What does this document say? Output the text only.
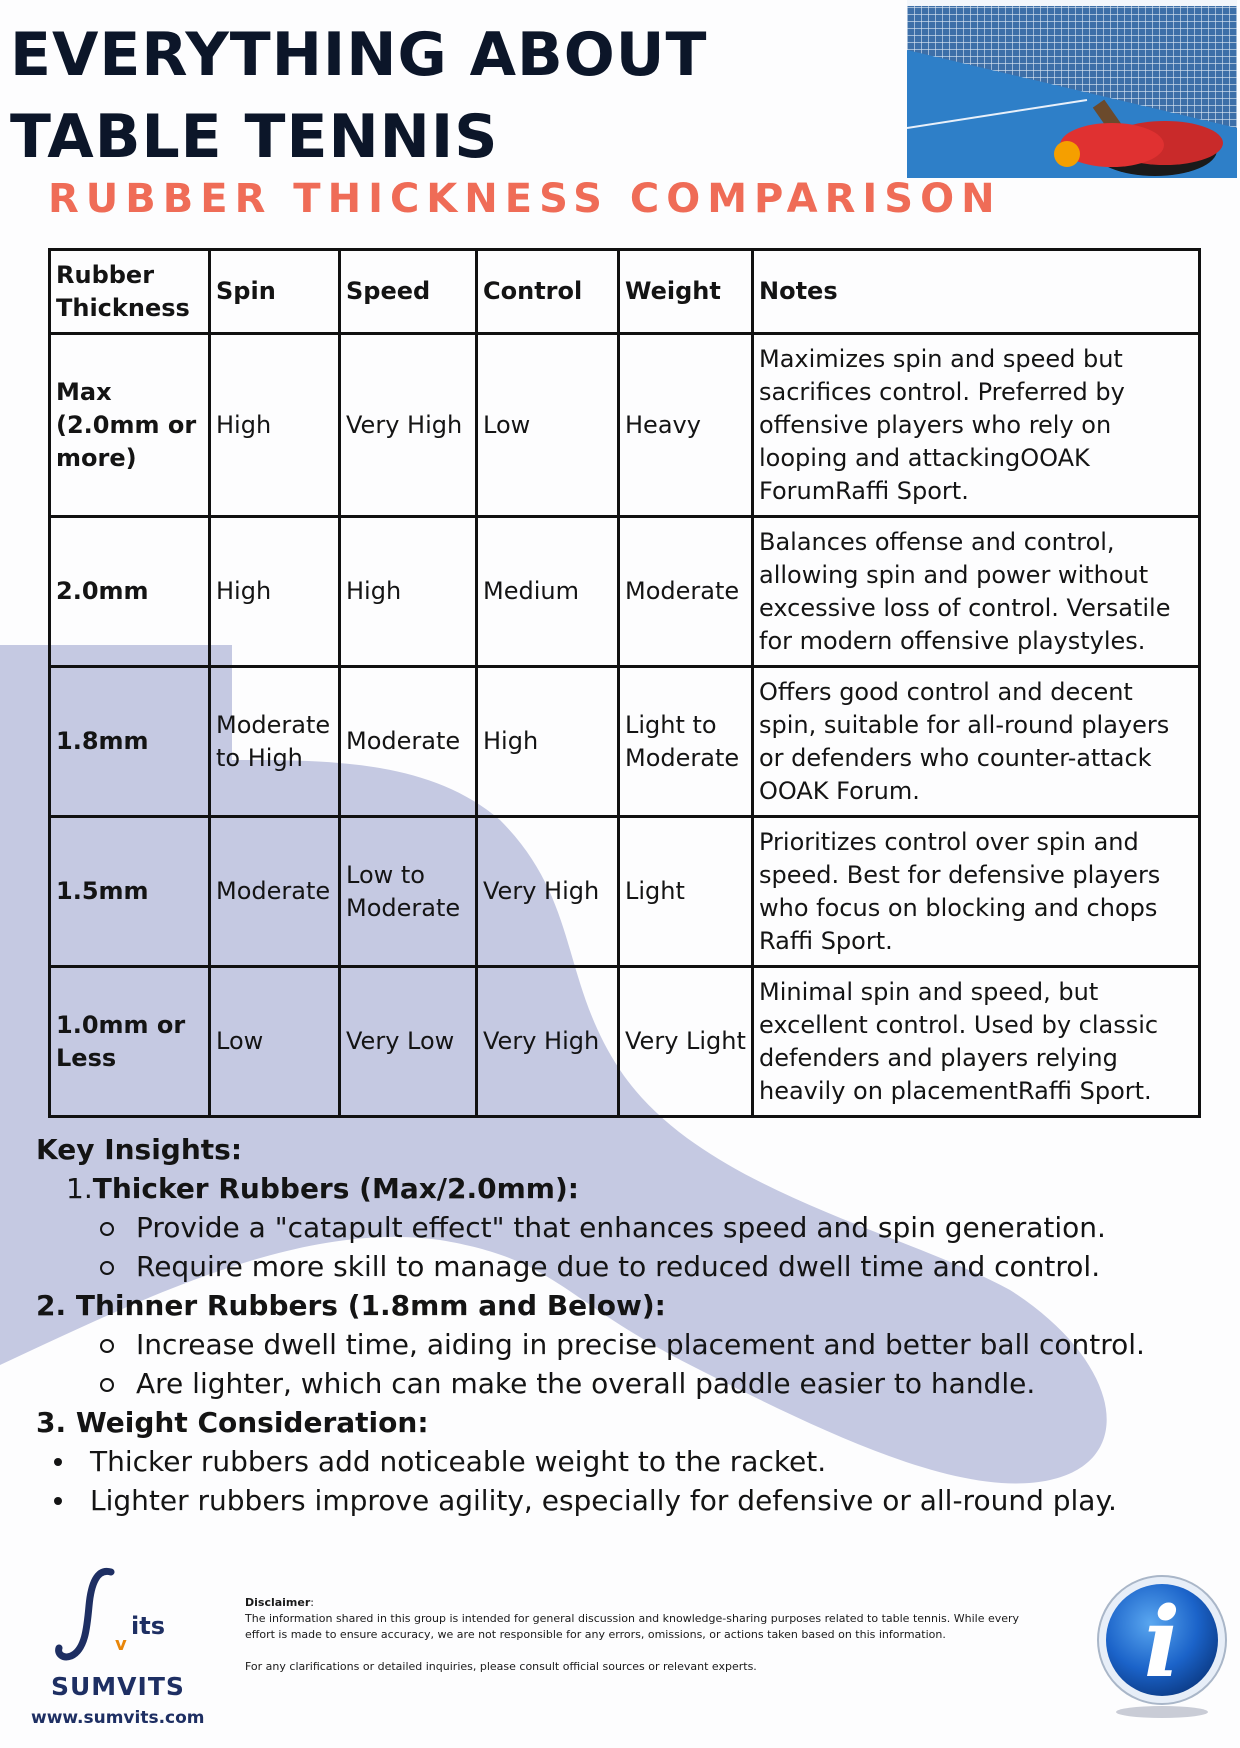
EVERYTHING ABOUT
TABLE TENNIS
RUBBER THICKNESS COMPARISON
Rubber Thickness	Spin	Speed	Control	Weight	Notes
Max (2.0mm or more)	High	Very High	Low	Heavy	Maximizes spin and speed but sacrifices control. Preferred by offensive players who rely on looping and attackingOOAK ForumRaffi Sport.
2.0mm	High	High	Medium	Moderate	Balances offense and control, allowing spin and power without excessive loss of control. Versatile for modern offensive playstyles.
1.8mm	Moderate to High	Moderate	High	Light to Moderate	Offers good control and decent spin, suitable for all-round players or defenders who counter-attack OOAK Forum.
1.5mm	Moderate	Low to Moderate	Very High	Light	Prioritizes control over spin and speed. Best for defensive players who focus on blocking and chops Raffi Sport.
1.0mm or Less	Low	Very Low	Very High	Very Light	Minimal spin and speed, but excellent control. Used by classic defenders and players relying heavily on placementRaffi Sport.

Key Insights:

1.Thicker Rubbers (Max/2.0mm):

Provide a "catapult effect" that enhances speed and spin generation.
Require more skill to manage due to reduced dwell time and control.

2. Thinner Rubbers (1.8mm and Below):

Increase dwell time, aiding in precise placement and better ball control.
Are lighter, which can make the overall paddle easier to handle.

3. Weight Consideration:

Thicker rubbers add noticeable weight to the racket.
Lighter rubbers improve agility, especially for defensive or all-round play.
its
v
SUMVITS
www.sumvits.com

Disclaimer:

The information shared in this group is intended for general discussion and knowledge-sharing purposes related to table tennis. While every effort is made to ensure accuracy, we are not responsible for any errors, omissions, or actions taken based on this information.

For any clarifications or detailed inquiries, please consult official sources or relevant experts.	i
